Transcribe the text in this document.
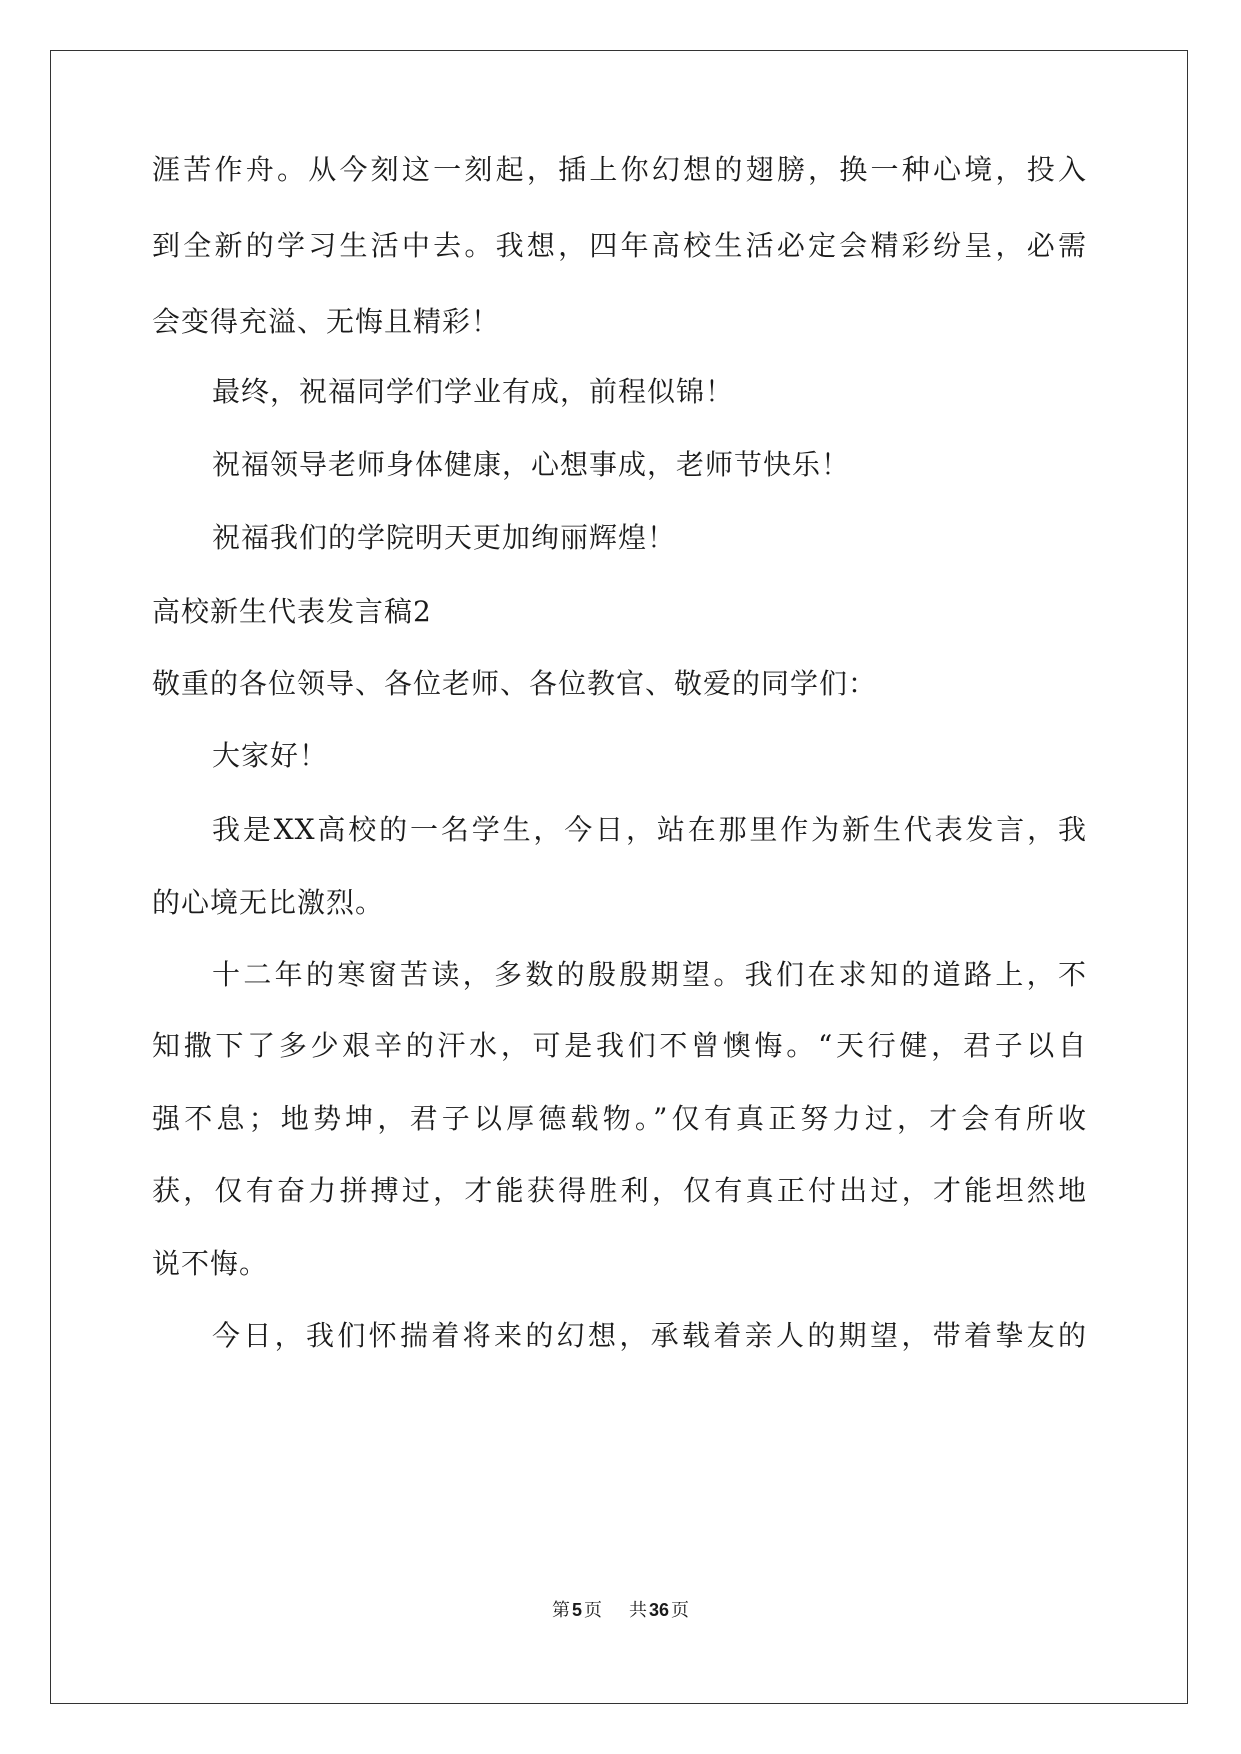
涯苦作舟。从今刻这一刻起，插上你幻想的翅膀，换一种心境，投入
到全新的学习生活中去。我想，四年高校生活必定会精彩纷呈，必需
会变得充溢、无悔且精彩！
最终，祝福同学们学业有成，前程似锦！
祝福领导老师身体健康，心想事成，老师节快乐！
祝福我们的学院明天更加绚丽辉煌！
高校新生代表发言稿2
敬重的各位领导、各位老师、各位教官、敬爱的同学们：
大家好！
我是XX高校的一名学生，今日，站在那里作为新生代表发言，我
的心境无比激烈。
十二年的寒窗苦读，多数的殷殷期望。我们在求知的道路上，不
知撒下了多少艰辛的汗水，可是我们不曾懊悔。“天行健，君子以自
强不息；地势坤，君子以厚德载物。”仅有真正努力过，才会有所收
获，仅有奋力拼搏过，才能获得胜利，仅有真正付出过，才能坦然地
说不悔。
今日，我们怀揣着将来的幻想，承载着亲人的期望，带着挚友的
第 5 页 共 36 页
